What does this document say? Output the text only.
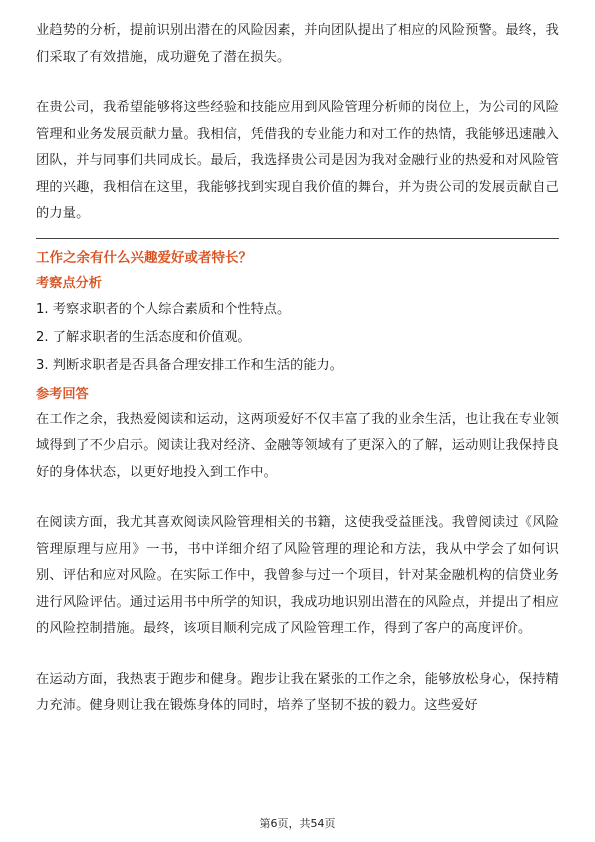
业趋势的分析，提前识别出潜在的风险因素，并向团队提出了相应的风险预警。最终，我们采取了有效措施，成功避免了潜在损失。

在贵公司，我希望能够将这些经验和技能应用到风险管理分析师的岗位上，为公司的风险管理和业务发展贡献力量。我相信，凭借我的专业能力和对工作的热情，我能够迅速融入团队，并与同事们共同成长。最后，我选择贵公司是因为我对金融行业的热爱和对风险管理的兴趣，我相信在这里，我能够找到实现自我价值的舞台，并为贵公司的发展贡献自己的力量。

工作之余有什么兴趣爱好或者特长？

考察点分析

1. 考察求职者的个人综合素质和个性特点。

2. 了解求职者的生活态度和价值观。

3. 判断求职者是否具备合理安排工作和生活的能力。

参考回答

在工作之余，我热爱阅读和运动，这两项爱好不仅丰富了我的业余生活，也让我在专业领域得到了不少启示。阅读让我对经济、金融等领域有了更深入的了解，运动则让我保持良好的身体状态，以更好地投入到工作中。

在阅读方面，我尤其喜欢阅读风险管理相关的书籍，这使我受益匪浅。我曾阅读过《风险管理原理与应用》一书，书中详细介绍了风险管理的理论和方法，我从中学会了如何识别、评估和应对风险。在实际工作中，我曾参与过一个项目，针对某金融机构的信贷业务进行风险评估。通过运用书中所学的知识，我成功地识别出潜在的风险点，并提出了相应的风险控制措施。最终，该项目顺利完成了风险管理工作，得到了客户的高度评价。

在运动方面，我热衷于跑步和健身。跑步让我在紧张的工作之余，能够放松身心，保持精力充沛。健身则让我在锻炼身体的同时，培养了坚韧不拔的毅力。这些爱好

第6页，共54页
